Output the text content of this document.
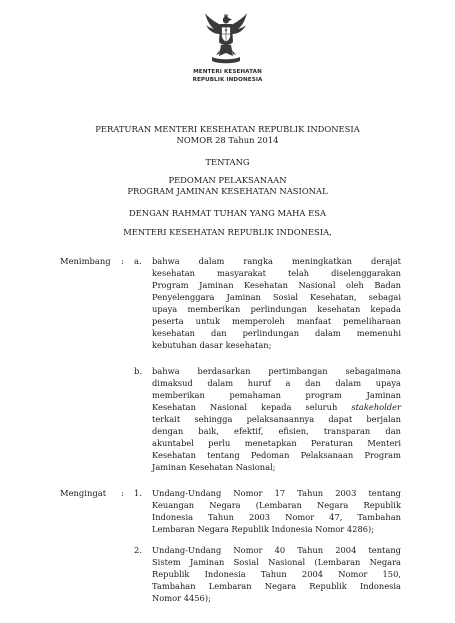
MENTERI KESEHATAN
REPUBLIK INDONESIA
PERATURAN MENTERI KESEHATAN REPUBLIK INDONESIA
NOMOR 28 Tahun 2014
TENTANG
PEDOMAN PELAKSANAAN
PROGRAM JAMINAN KESEHATAN NASIONAL
DENGAN RAHMAT TUHAN YANG MAHA ESA
MENTERI KESEHATAN REPUBLIK INDONESIA,
Menimbang : a. bahwa dalam rangka meningkatkan derajat
kesehatan masyarakat telah diselenggarakan
Program Jaminan Kesehatan Nasional oleh Badan
Penyelenggara Jaminan Sosial Kesehatan, sebagai
upaya memberikan perlindungan kesehatan kepada
peserta untuk memperoleh manfaat pemeliharaan
kesehatan dan perlindungan dalam memenuhi
kebutuhan dasar kesehatan;
b. bahwa berdasarkan pertimbangan sebagaimana
dimaksud dalam huruf a dan dalam upaya
memberikan pemahaman program Jaminan
Kesehatan Nasional kepada seluruh stakeholder
terkait sehingga pelaksanaannya dapat berjalan
dengan baik, efektif, efisien, transparan dan
akuntabel perlu menetapkan Peraturan Menteri
Kesehatan tentang Pedoman Pelaksanaan Program
Jaminan Kesehatan Nasional;
Mengingat : 1. Undang-Undang Nomor 17 Tahun 2003 tentang
Keuangan Negara (Lembaran Negara Republik
Indonesia Tahun 2003 Nomor 47, Tambahan
Lembaran Negara Republik Indonesia Nomor 4286);
2. Undang-Undang Nomor 40 Tahun 2004 tentang
Sistem Jaminan Sosial Nasional (Lembaran Negara
Republik Indonesia Tahun 2004 Nomor 150,
Tambahan Lembaran Negara Republik Indonesia
Nomor 4456);
